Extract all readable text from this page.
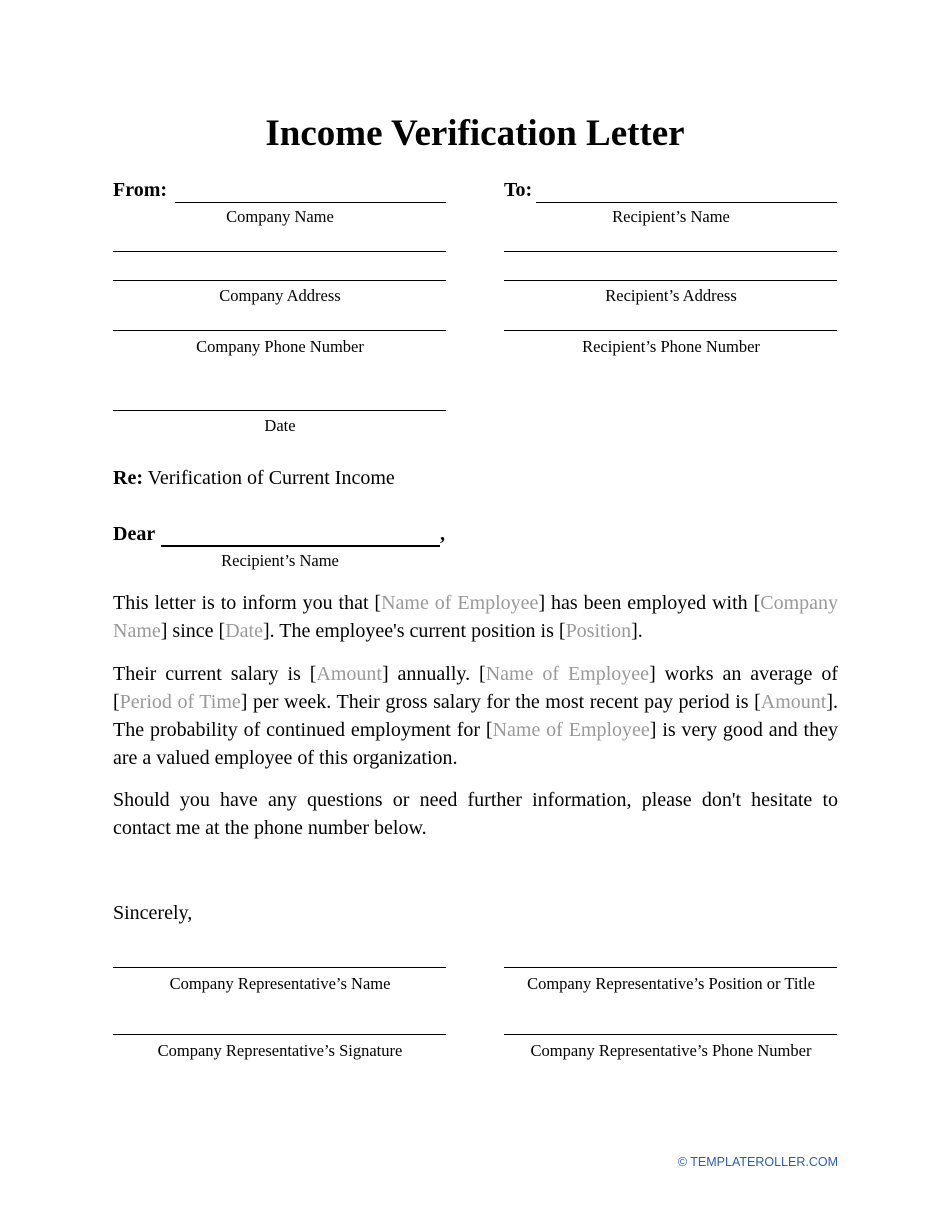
Income Verification Letter
From:
Company Name
To:
Recipient’s Name
Company Address	Recipient’s Address
Company Phone Number	Recipient’s Phone Number
Date
Re: Verification of Current Income
Dear	,
Recipient’s Name

This letter is to inform you that [Name of Employee] has been employed with [Company Name] since [Date]. The employee's current position is [Position].

Their current salary is [Amount] annually. [Name of Employee] works an average of [Period of Time] per week. Their gross salary for the most recent pay period is [Amount]. The probability of continued employment for [Name of Employee] is very good and they are a valued employee of this organization.

Should you have any questions or need further information, please don't hesitate to contact me at the phone number below.

Sincerely,
Company Representative’s Name	Company Representative’s Position or Title
Company Representative’s Signature	Company Representative’s Phone Number
© TEMPLATEROLLER.COM
